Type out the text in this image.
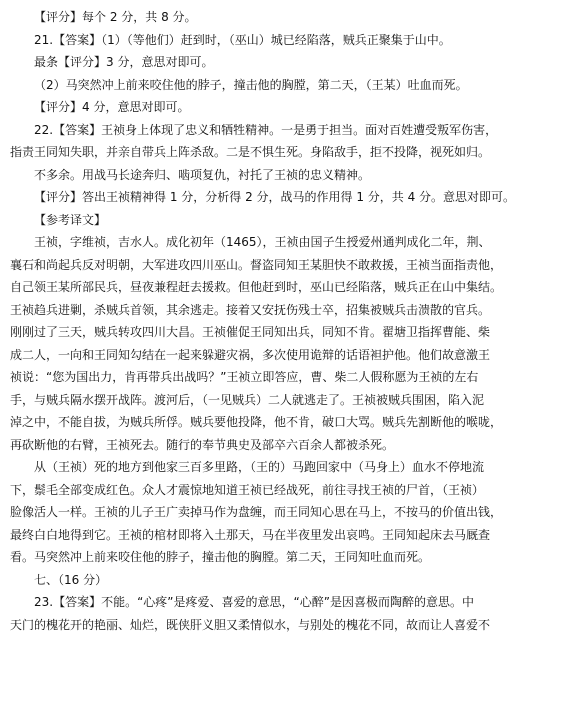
【评分】每个 2 分，共 8 分。

21.【答案】（1）（等他们）赶到时，（巫山）城已经陷落，贼兵正聚集于山中。

最条【评分】3 分，意思对即可。

（2）马突然冲上前来咬住他的脖子，撞击他的胸膛，第二天，（王某）吐血而死。

【评分】4 分，意思对即可。

22.【答案】王祯身上体现了忠义和牺牲精神。一是勇于担当。面对百姓遭受叛军伤害，

指责王同知失职，并亲自带兵上阵杀敌。二是不惧生死。身陷敌手，拒不投降，视死如归。

不多余。用战马长途奔归、啮项复仇，衬托了王祯的忠义精神。

【评分】答出王祯精神得 1 分，分析得 2 分，战马的作用得 1 分，共 4 分。意思对即可。

【参考译文】

王祯，字维祯，吉水人。成化初年（1465），王祯由国子生授爱州通判成化二年，荆、

襄石和尚起兵反对明朝，大军进攻四川巫山。督盗同知王某胆快不敢救援，王祯当面指责他，

自己领王某所部民兵，昼夜兼程赶去援救。但他赶到时，巫山已经陷落，贼兵正在山中集结。

王祯趋兵进剿，杀贼兵首领，其余逃走。接着又安抚伤残士卒，招集被贼兵击溃散的官兵。

刚刚过了三天，贼兵转攻四川大昌。王祯催促王同知出兵，同知不肯。翟塘卫指挥曹能、柴

成二人，一向和王同知勾结在一起来躲避灾祸，多次使用诡辩的话语袒护他。他们故意激王

祯说：“您为国出力，肯再带兵出战吗？”王祯立即答应，曹、柴二人假称愿为王祯的左右

手，与贼兵隔水摆开战阵。渡河后，（一见贼兵）二人就逃走了。王祯被贼兵围困，陷入泥

淖之中，不能自拔，为贼兵所俘。贼兵要他投降，他不肯，破口大骂。贼兵先割断他的喉咙，

再砍断他的右臂，王祯死去。随行的奉节典史及部卒六百余人都被杀死。

从（王祯）死的地方到他家三百多里路，（王的）马跑回家中（马身上）血水不停地流

下，鬃毛全部变成红色。众人才震惊地知道王祯已经战死，前往寻找王祯的尸首，（王祯）

脸像活人一样。王祯的儿子王广卖掉马作为盘缠，而王同知心思在马上，不按马的价值出钱，

最终白白地得到它。王祯的棺材即将入土那天，马在半夜里发出哀鸣。王同知起床去马厩查

看。马突然冲上前来咬住他的脖子，撞击他的胸膛。第二天，王同知吐血而死。

七、（16 分）

23.【答案】不能。“心疼”是疼爱、喜爱的意思，“心醉”是因喜极而陶醉的意思。中

天门的槐花开的艳丽、灿烂，既侠肝义胆又柔情似水，与别处的槐花不同，故而让人喜爱不
